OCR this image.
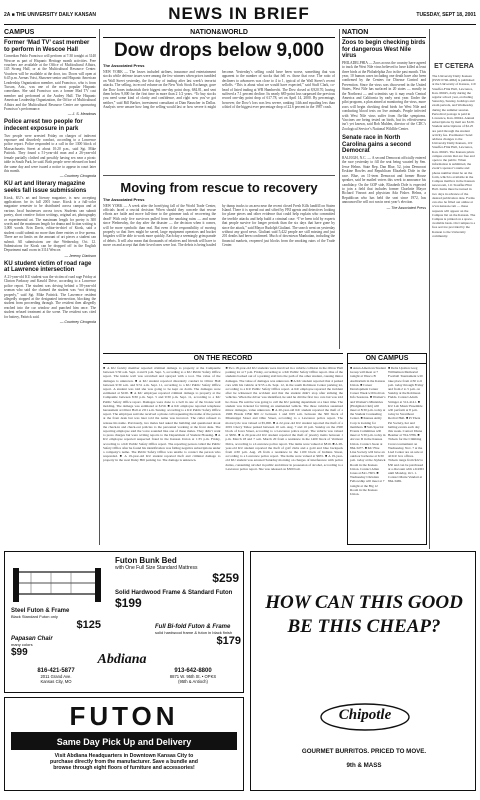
2A ■ THE UNIVERSITY DAILY KANSAN	NEWS IN BRIEF	TUESDAY, SEPT 18, 2001
CAMPUS
Former ‘Mad TV’ cast member to perform in Wescoe Hall
Comedian Pablo Francisco will perform at 7:30 tonight at 3140 Wescoe as part of Hispanic Heritage month activities. Free vouchers are available at the Office of Multicultural Affairs, 145 Strong Hall, or at the Multicultural Resource Center. Vouchers will be available at the door, too. Doors will open at 6:45 p.m. Arenas Voisi, Shawnee senior and Hispanic American Leadership Organization member, said Francisco, who is from Tucson, Ariz., was one of the most popular Hispanic comedians. She said Francisco was a former Mad TV cast member and performed at the Audrey Hall. The Hispanic American Leadership Organization, the Office of Multicultural Affairs and the Multicultural Resource Center are sponsoring Francisco’s performance.
— J. S. Meadows
Police arrest two people for indecent exposure in park
Two people were arrested Friday on charges of indecent exposure and disorderly conduct, according to a Lawrence police report. Police responded to a call in the 1300 block of Massachusetts Street at about 10:20 p.m., said Sgt. Mike Pattrick. They found a 51-year-old man and a 26-year-old female partially clothed and possibly having sex near a picnic table in South Park, he said. Both people were released on bond the same day and were issued a notice to appear in court later this month.
— Courtney Cicognola
KU art and literary magazine seeks fall issue submissions
Kiosk, KU’s art and literary magazine, is now accepting applications for its fall 2001 issue. Kiosk is a full-color magazine semester to be distributed across campus and at various local businesses across town. Students can submit poetry, short creative fiction writings, original art, photography or experimental art. The maximum length for poetry is 300 words and the maximum length for drama and fiction writing is 3,000 words. Erin Davis, editor-in-chief of Kiosk, said a student could submit no more than three entries or five poems. There are no limits on the amount of art pieces a student can submit. All submissions are due Wednesday, Oct. 12. Submissions for Kiosk can be dropped off in the English Department mail room in 3114 Wescoe.
— Jeremy Clarkson
KU student victim of road rage at Lawrence intersection
A 21-year-old KU student was the victim of road rage Friday at Clinton Parkway and Kasold Drive, according to a Lawrence police report. The student was driving behind a 58-year-old woman who said she claimed the student was “not driving properly,” said Sgt. Mike Pattrick. The Lawrence resident allegedly stopped at the designated intersection, blocking the student from proceeding through. The resident then allegedly reached into the car window and punched him once. The student refused treatment at the scene. The resident was cited for battery, Pattrick said.
— Courtney Cicognola
NATION&WORLD
Dow drops below 9,000
The Associated Press
NEW YORK — The losses included airlines, insurance and entertainment stocks while defense issues were among the few winners when prices tumbled on Wall Street yesterday, the first day of trading after last week’s terrorist attacks. The selling, in record volume on the New York Stock Exchange, gave the Dow Jones industrials their biggest one-day point drop, 684.81, and sent them below 9,000 for the first time in more than 2 1/2 years. “To buy stocks you need some kind of clarity and confidence, and right now you’ve got neither,” said Bill Barker, investment consultant at Dian Bauscher in Dallas. Analysts were unsure how long the selling would last or how severe it might become. Yesterday’s selling could have been worse, something that was apparent to the number of stocks that fell vs. those that rose. The ratio of decliners to advancers was close to 4 to 1, typical of the Wall Street’s recent selloffs. “This is about what we would have expected,” said Stuff Clark, co-head of listed trading at WR Hambrecht. The Dow closed at 8,920.70, having suffered a 7.1 percent decline. Its nearly 685-point loss surpassed the previous record one-day point drop of 617.78, set on April 14, 2000. By percentage, however, the Dow’s loss was less severe, ranking 14th and equaling less than a third of the biggest ever percentage drop of 22.6 percent in the 1987 crash.
Moving from rescue to recovery
The Associated Press
NEW YORK — A week after the horrifying fall of the World Trade Center, officials faced a crucial decision: When should they concede that rescue efforts are futile and move full-time to the grimmer task of recovering the dead? With only five survivors pulled from the smoking ruins — and none since Wednesday, the day after the disaster — the decision when it comes, will be more symbolic than real. But even if the responsibility of moving properly so that lives might be saved, large equipment operators and bucket brigades will be able to work more quickly. Each day a seemingly grim parade of debris. It will also mean that thousands of relatives and friends will have to move on and accept that their loved ones were lost. The debris is being hauled by dump trucks to an area near the recent closed Fresh Kills landfill on Staten Island. There it is spread out and sifted by FBI agents and detectives looking for plane pieces and other evidence that could help explain who committed the terrible attacks and help build a criminal case. “I’ve been told by experts that people survive for longer periods than the six days that have gone by since the attack,” said Mayor Rudolph Giuliani. The search went on yesterday without any good news. Giuliani said 5,422 people are still missing and just 201 deaths had been confirmed. Much of downtown Manhattan, including the financial markets, reopened just blocks from the smoking ruins of the Trade Center.
NATION
Zoos to begin checking birds for dangerous West Nile virus
PHILADELPHIA — Zoos across the country have agreed to track the West Nile virus believed to have killed at least three birds at the Philadelphia Zoo in the past month. This year, 10 human cases including one death have also been confirmed by the Centers for Disease Control and Prevention. Since the virus was discovered in the United States, West Nile has surfaced in 20 states — mostly in the Northeast — and scientists say it may reach Central America and California by early next year. Under the pilot program, a plan aimed at monitoring the virus, more zoos will begin checking dead birds for West Nile and conducting blood tests on live animals. People infected with West Nile virus suffer from flu-like symptoms. Vaccines are being tested on birds, but its effectiveness isn’t yet known, said Bob Mulden, director of the CDC’s Zoological Service’s National Wildlife Center.
Senate race in North Carolina gains a second Democrat
RALEIGH, N.C. — A second Democrat officially entered the race yesterday to fill the seat being vacated by Sen. Jesse Helms. State Rep. Dan Blue, 52, joins Democrat Erskine Bowles and Republican Elizabeth Dole in the race. Blue, an 11-term Democrat and former House speaker, said he mailed voters this week to announce his candidacy. On the GOP side, Elizabeth Dole is expected to join a field that includes former Charlotte Mayor Richard Vinroot and physician Ada Fisher. Helms, a Republican who has held the seat since 1972, has announced he will not run in next year’s election.
— The Associated Press
ET CETERA
The University Daily Kansan (ISSN 0746-4962) is published at the University of Kansas, 119 Stauffer-Flint Hall, Lawrence, Kan. 66045, daily during the regular school year, excluding Saturday, Sunday, holidays and exam periods, and Wednesday during the summer session. Periodical postage is paid in Lawrence, Kan. 66044. Annual subscriptions by mail are $120. Student subscriptions of $2.25 are paid through the student activity fee. Postmaster: Send address changes to the University Daily Kansan, 119 Stauffer-Flint Hall, Lawrence, Kan. 66045. The Kansan prints campus events that are free and open to the public. When information is submitted, the event’s sponsor’s name and phone number must be on the form, which is available in the Campus mailbox in the Kansan newsroom, 111 Stauffer-Flint Hall. Items must be turned in two days in advance of the desired publication date. Forms can also be filled out online at www.kansan.com — these requests will appear on the Campus list on the Kansan. The Campus is printed on a space-available basis. On Campus is a free service provided by the Kansan to the University community.
ON THE RECORD
■ A KU faculty member reported criminal damage to property at the Campanile between 5:30 a.m. Sept. 4 and 9 p.m. Sept. 5, according to a KU Public Safety Office report. The inside wall was scratched and sprayed with a tool. The value of the damages is unknown. ■ A KU student reported disorderly conduct in Oliver Hall between 9:30 a.m. and 9:31 a.m. Sept. 11, according to a KU Public Safety Office report. A student was told she was going to be kept on dorm. The damages were estimated at $100. ■ A KU employee reported criminal damage to property at the Campanile between 8:30 p.m. Sept. 5 and 9:30 p.m. Sept. 11, according to a KU Public Safety Office report. Damages were done to a bell in one of the bronze wall molding. The damage was estimated at $150. ■ A KU employee reported telephone harassment at Oliver Hall at 2:01 a.m. Sunday, according to a KU Public Safety Office report. The employee said she received a phone call requesting the name of the person at the front desk but was later told the name was incorrect. The caller refused to release his name. Previously, two males had asked the building and questioned about the check-in and check-out policies to the personnel working at the front desk. The reporting employee said the voice sounded like one of these males. They didn’t want to press charges but were writing reports to the Department of Student Housing. ■ A KU employee reported suspected fraud in the Kansan Union at 1:35 p.m. Friday, according to a KU Public Safety Office report. The reporting person called the Public Safety Office after he found his identification was falling negative subscriptions under a company’s name. The Public Safety Office was unable to contact the person who responded. ■ A 19-year-old KU student reported theft and criminal damage to property in the west Daisy Hill parking lot. The damage is unknown.
■ Two 18-year-old KU students were involved in a vehicle collision in the Oliver Hall parking lot at 7 p.m. Friday, according to a KU Public Safety Office report. One of the students backed out of a parking stall into the path of the other student, causing minor damages. The value of damages was unknown. ■ A KU student reported that 4 parked cars with his vehicle at 9:55 a.m. Sept. 12, in the south Robinson Center parking lot, according to a KU Public Safety Office report. A KU employee reported the incident after he witnessed the accident and that the student didn’t stop after striking the vehicles. When the driver was identified, he said he did the first two cars but was told he chose. He said he was going to call the KU parking department at a later time. The student was ticketed for hitting an unattended vehicle. The three vehicles sustained minor damages, value unknown. ■ A 20-year-old KU student reported the theft of a 1996 Honda CBR 600 cc between 1 and 9:05 a.m. between the 500 block of Mississippi Street and Ohio Street, according to a Lawrence police report. The motorcycle was valued at $5,000. ■ A 22-year-old KU student reported the theft of a 2001 Chevy Tahoe parked between 10 a.m. Aug. 7 and 10 p.m. Sunday on the 2300 block of Iowa Street, according to a Lawrence police report. The vehicle was valued at $650. ■ A 20-year-old KU student reported the theft of jewelry items between 1 p.m. March 18 and 7 a.m. March 20 from a residence in the 1400 block of Vermont Drive, according to a Lawrence police report. The items were valued at $810. ■ A 28-year-old KU student reported the theft of golf clubs and a gold and blue backpack from 4:30 p.m. Aug. 26 from a residence in the 1100 block of Indiana Street, according to a Lawrence police report. The items were valued at $655. ■ A 19-year-old KU student was arrested Saturday morning on charges of interference with police duties, consuming alcohol in public and minor in possession of alcohol, according to a Lawrence police report. She was released on $300 bail.
ON CAMPUS
■ Asian American Student Group will meet at 7 tonight at Wesco B Auditorium in the Kansas Union. ■ Career Development Center Career Week will hold an Info Sessions. ■ Women’s and Women’s Ministries (Hodgman Club) will meet at 8:30 p.m. today at the Student Counseling Center. ■ Kansas Army Corp is looking for members. ■ Sub-Special Events Committee will meet at 5:30 p.m. today in Alcove D in the Kansas Union. Contact Jason at 864-3477. ■ KU Fine Line Society will have an outdoor barbecue at 6:30 p.m. today at the Jayhawk Room in the Kansas Union. Contact Allen Jones at 841-7603. ■ Wednesday Christian Fellowship will meet at 7 tonight at the Big 12 Room in the Kansas Union.
■ Delta Upsilon Greg Williamson Memorial Football Tournament will take place from 4:30 to 6 p.m. today through Friday and from 2 to 5 p.m. on Sunday at the Robinson Fields. Contact Adam Stringer at 512-4141. ■ KU Lab Music Ensemble will perform at 8 p.m. today in Swarthout Recital Hall. ■ Pi Theta Psi Society, hot and hailing events each day this week. Contact Diana Beamer at 764-3786. ■ Tickets for the Climbing Crews tournament on Wednesday, Nov. 7 at the Lied Center are on sale at all KU box offices. Tickets range from $22 to $30 and can be purchased at a discount with a KUID until Monday, Oct. 1. Contact Marie Vandart at 864-3469.
Futon Bunk Bed
with One Full Size Standard Mattress
$259
Solid Hardwood Frame & Standard Futon
$199
Steel Futon & Frame
Black Standard Futon only
$125
Papasan Chair
many colors
$99
Full Bi-fold Futon & Frame
solid hardwood frame & futon in black finish
$179
Abdiana
816-421-5877
2011 Grand Ave.
Kansas City, MO
913-642-8800
8871 W. 95th St. • OPKS
(95th & Antioch)
FUTON
Same Day Pick Up and Delivery
Visit Abdiana Headquarters in Downtown Kansas City to
purchase directly from the manufacturer. Save a bundle and
browse through eight floors of furniture and accessories!
HOW CAN THIS GOOD
BE THIS CHEAP?
Chipotle
GOURMET BURRITOS. PRICED TO MOVE.
9th & MASS
